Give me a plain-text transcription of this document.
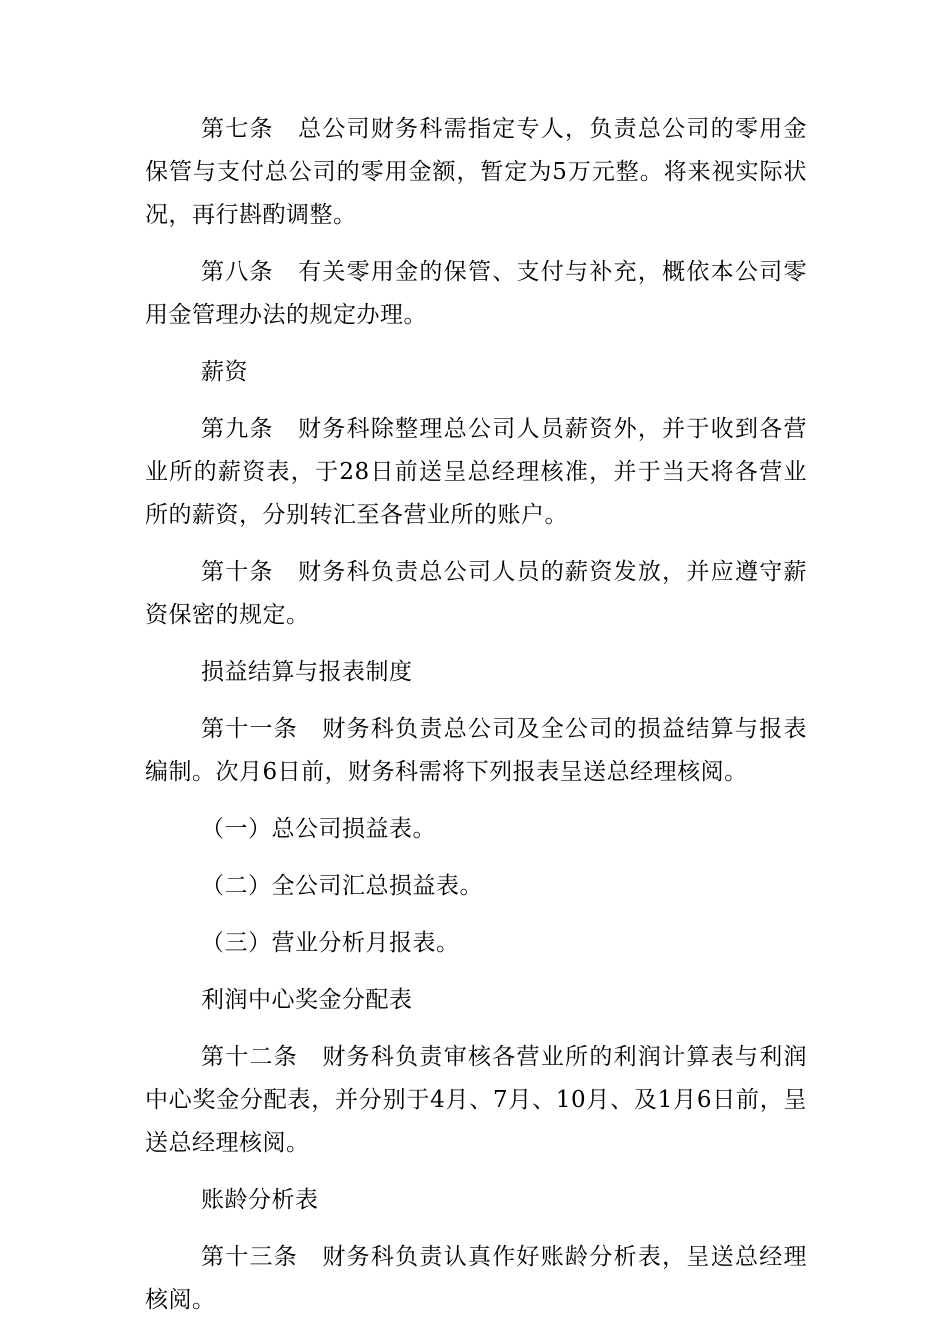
第七条　总公司财务科需指定专人，负责总公司的零用金保管与支付总公司的零用金额，暂定为5万元整。将来视实际状况，再行斟酌调整。

第八条　有关零用金的保管、支付与补充，概依本公司零用金管理办法的规定办理。

薪资

第九条　财务科除整理总公司人员薪资外，并于收到各营业所的薪资表，于28日前送呈总经理核准，并于当天将各营业所的薪资，分别转汇至各营业所的账户。

第十条　财务科负责总公司人员的薪资发放，并应遵守薪资保密的规定。

损益结算与报表制度

第十一条　财务科负责总公司及全公司的损益结算与报表编制。次月6日前，财务科需将下列报表呈送总经理核阅。

（一）总公司损益表。

（二）全公司汇总损益表。

（三）营业分析月报表。

利润中心奖金分配表

第十二条　财务科负责审核各营业所的利润计算表与利润中心奖金分配表，并分别于4月、7月、10月、及1月6日前，呈送总经理核阅。

账龄分析表

第十三条　财务科负责认真作好账龄分析表，呈送总经理核阅。
